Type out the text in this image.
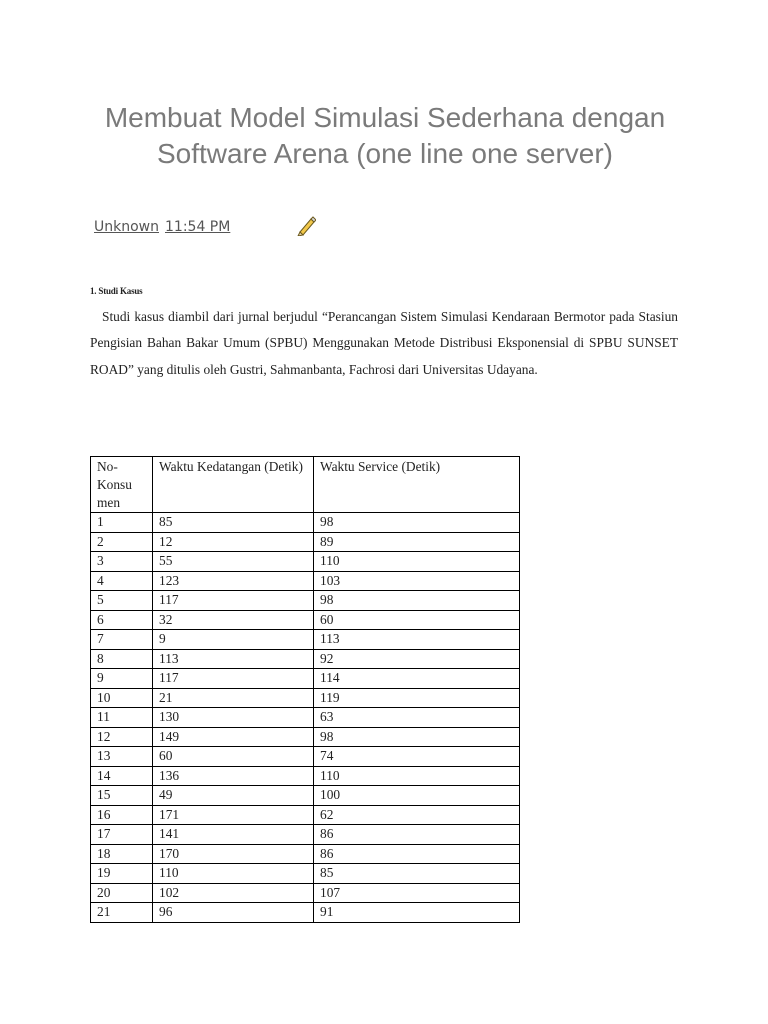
Membuat Model Simulasi Sederhana dengan Software Arena (one line one server)
Unknown 11:54 PM

1. Studi Kasus

Studi kasus diambil dari jurnal berjudul “Perancangan Sistem Simulasi Kendaraan Bermotor pada Stasiun Pengisian Bahan Bakar Umum (SPBU) Menggunakan Metode Distribusi Eksponensial di SPBU SUNSET ROAD” yang ditulis oleh Gustri, Sahmanbanta, Fachrosi dari Universitas Udayana.

No-
Konsu
men	Waktu Kedatangan (Detik)	Waktu Service (Detik)
1	85	98
2	12	89
3	55	110
4	123	103
5	117	98
6	32	60
7	9	113
8	113	92
9	117	114
10	21	119
11	130	63
12	149	98
13	60	74
14	136	110
15	49	100
16	171	62
17	141	86
18	170	86
19	110	85
20	102	107
21	96	91
